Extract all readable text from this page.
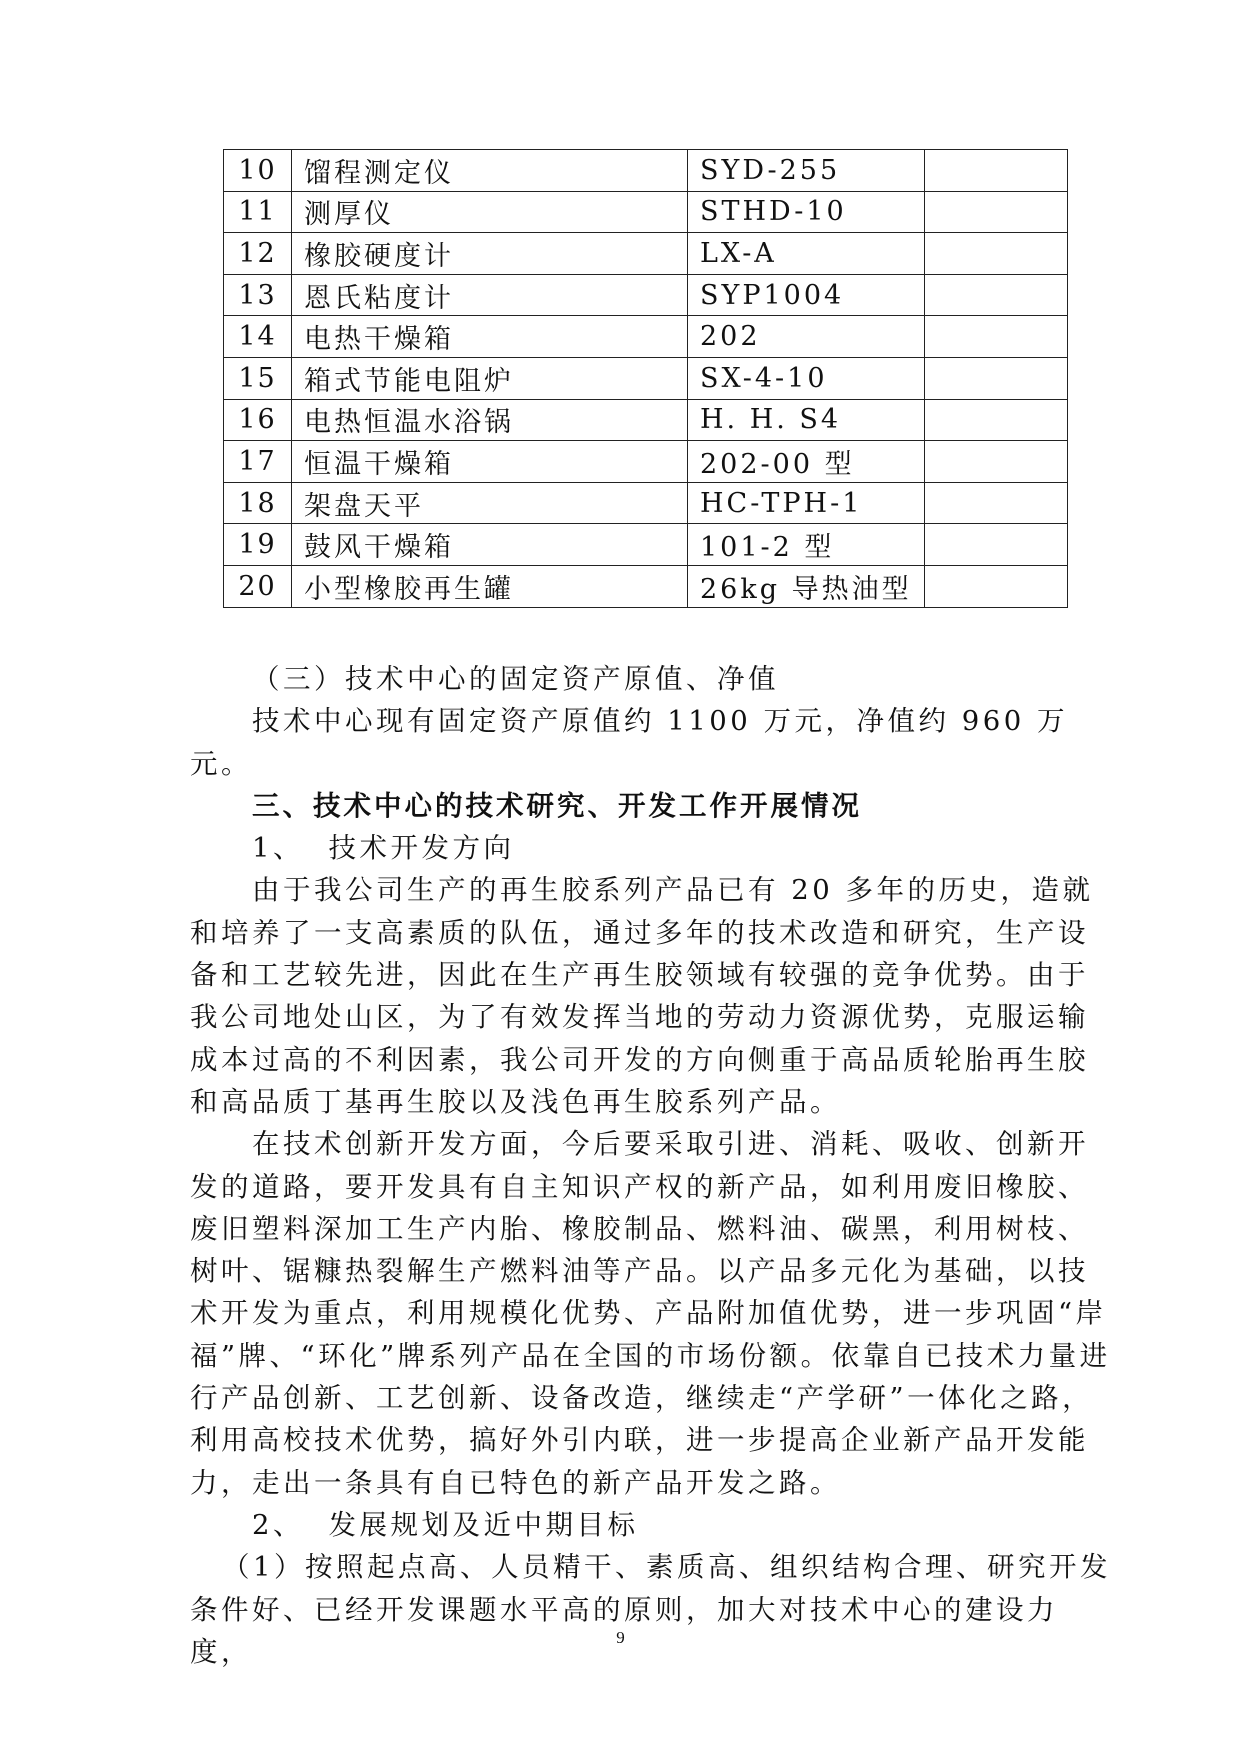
10	馏程测定仪	SYD-255	
11	测厚仪	STHD-10	
12	橡胶硬度计	LX-A	
13	恩氏粘度计	SYP1004	
14	电热干燥箱	202	
15	箱式节能电阻炉	SX-4-10	
16	电热恒温水浴锅	H. H. S4	
17	恒温干燥箱	202-00 型	
18	架盘天平	HC-TPH-1	
19	鼓风干燥箱	101-2 型	
20	小型橡胶再生罐	26kg 导热油型	

（三）技术中心的固定资产原值、净值

技术中心现有固定资产原值约 1100 万元，净值约 960 万元。

三、技术中心的技术研究、开发工作开展情况

1、  技术开发方向

由于我公司生产的再生胶系列产品已有 20 多年的历史，造就和培养了一支高素质的队伍，通过多年的技术改造和研究，生产设备和工艺较先进，因此在生产再生胶领域有较强的竞争优势。由于我公司地处山区，为了有效发挥当地的劳动力资源优势，克服运输成本过高的不利因素，我公司开发的方向侧重于高品质轮胎再生胶和高品质丁基再生胶以及浅色再生胶系列产品。

在技术创新开发方面，今后要采取引进、消耗、吸收、创新开发的道路，要开发具有自主知识产权的新产品，如利用废旧橡胶、废旧塑料深加工生产内胎、橡胶制品、燃料油、碳黑，利用树枝、树叶、锯糠热裂解生产燃料油等产品。以产品多元化为基础，以技术开发为重点，利用规模化优势、产品附加值优势，进一步巩固“岸福”牌、“环化”牌系列产品在全国的市场份额。依靠自已技术力量进行产品创新、工艺创新、设备改造，继续走“产学研”一体化之路，利用高校技术优势，搞好外引内联，进一步提高企业新产品开发能力，走出一条具有自已特色的新产品开发之路。

2、  发展规划及近中期目标

（1）按照起点高、人员精干、素质高、组织结构合理、研究开发条件好、已经开发课题水平高的原则，加大对技术中心的建设力度，	9
